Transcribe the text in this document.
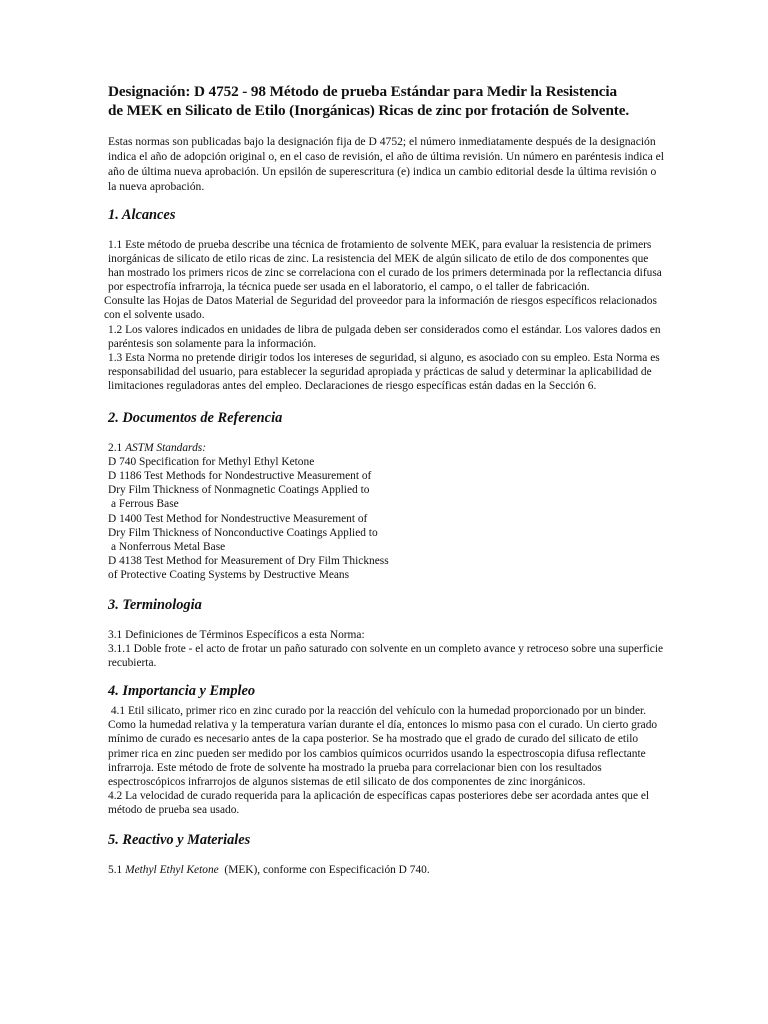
Designación: D 4752 - 98 Método de prueba Estándar para Medir la Resistencia
de MEK en Silicato de Etilo (Inorgánicas) Ricas de zinc por frotación de Solvente.

Estas normas son publicadas bajo la designación fija de D 4752; el número inmediatamente después de la designación indica el año de adopción original o, en el caso de revisión, el año de última revisión. Un número en paréntesis indica el año de última nueva aprobación. Un epsilón de superescritura (e) indica un cambio editorial desde la última revisión o la nueva aprobación.

1. Alcances

1.1 Este método de prueba describe una técnica de frotamiento de solvente MEK, para evaluar la resistencia de primers inorgánicas de silicato de etilo ricas de zinc. La resistencia del MEK de algún silicato de etilo de dos componentes que han mostrado los primers ricos de zinc se correlaciona con el curado de los primers determinada por la reflectancia difusa por espectrofía infrarroja, la técnica puede ser usada en el laboratorio, el campo, o el taller de fabricación.

Consulte las Hojas de Datos Material de Seguridad del proveedor para la información de riesgos específicos relacionados con el solvente usado.

1.2 Los valores indicados en unidades de libra de pulgada deben ser considerados como el estándar. Los valores dados en paréntesis son solamente para la información.

1.3 Esta Norma no pretende dirigir todos los intereses de seguridad, si alguno, es asociado con su empleo. Esta Norma es responsabilidad del usuario, para establecer la seguridad apropiada y prácticas de salud y determinar la aplicabilidad de limitaciones reguladoras antes del empleo. Declaraciones de riesgo específicas están dadas en la Sección 6.

2. Documentos de Referencia
2.1 ASTM Standards:
D 740 Specification for Methyl Ethyl Ketone
D 1186 Test Methods for Nondestructive Measurement of
Dry Film Thickness of Nonmagnetic Coatings Applied to
a Ferrous Base
D 1400 Test Method for Nondestructive Measurement of
Dry Film Thickness of Nonconductive Coatings Applied to
a Nonferrous Metal Base
D 4138 Test Method for Measurement of Dry Film Thickness
of Protective Coating Systems by Destructive Means
3. Terminologia

3.1 Definiciones de Términos Específicos a esta Norma:

3.1.1 Doble frote - el acto de frotar un paño saturado con solvente en un completo avance y retroceso sobre una superficie recubierta.

4. Importancia y Empleo

4.1 Etil silicato, primer rico en zinc curado por la reacción del vehículo con la humedad proporcionado por un binder. Como la humedad relativa y la temperatura varían durante el día, entonces lo mismo pasa con el curado. Un cierto grado mínimo de curado es necesario antes de la capa posterior. Se ha mostrado que el grado de curado del silicato de etilo  primer rica en zinc pueden ser medido por los cambios químicos ocurridos usando la espectroscopia difusa reflectante infrarroja. Este método de frote de solvente ha mostrado la prueba para correlacionar bien con los resultados espectroscópicos infrarrojos de algunos sistemas de etil silicato de dos componentes de zinc inorgánicos.

4.2 La velocidad de curado requerida para la aplicación de específicas capas posteriores debe ser acordada antes que el método de prueba sea usado.

5. Reactivo y Materiales

5.1 Methyl Ethyl Ketone  (MEK), conforme con Especificación D 740.
